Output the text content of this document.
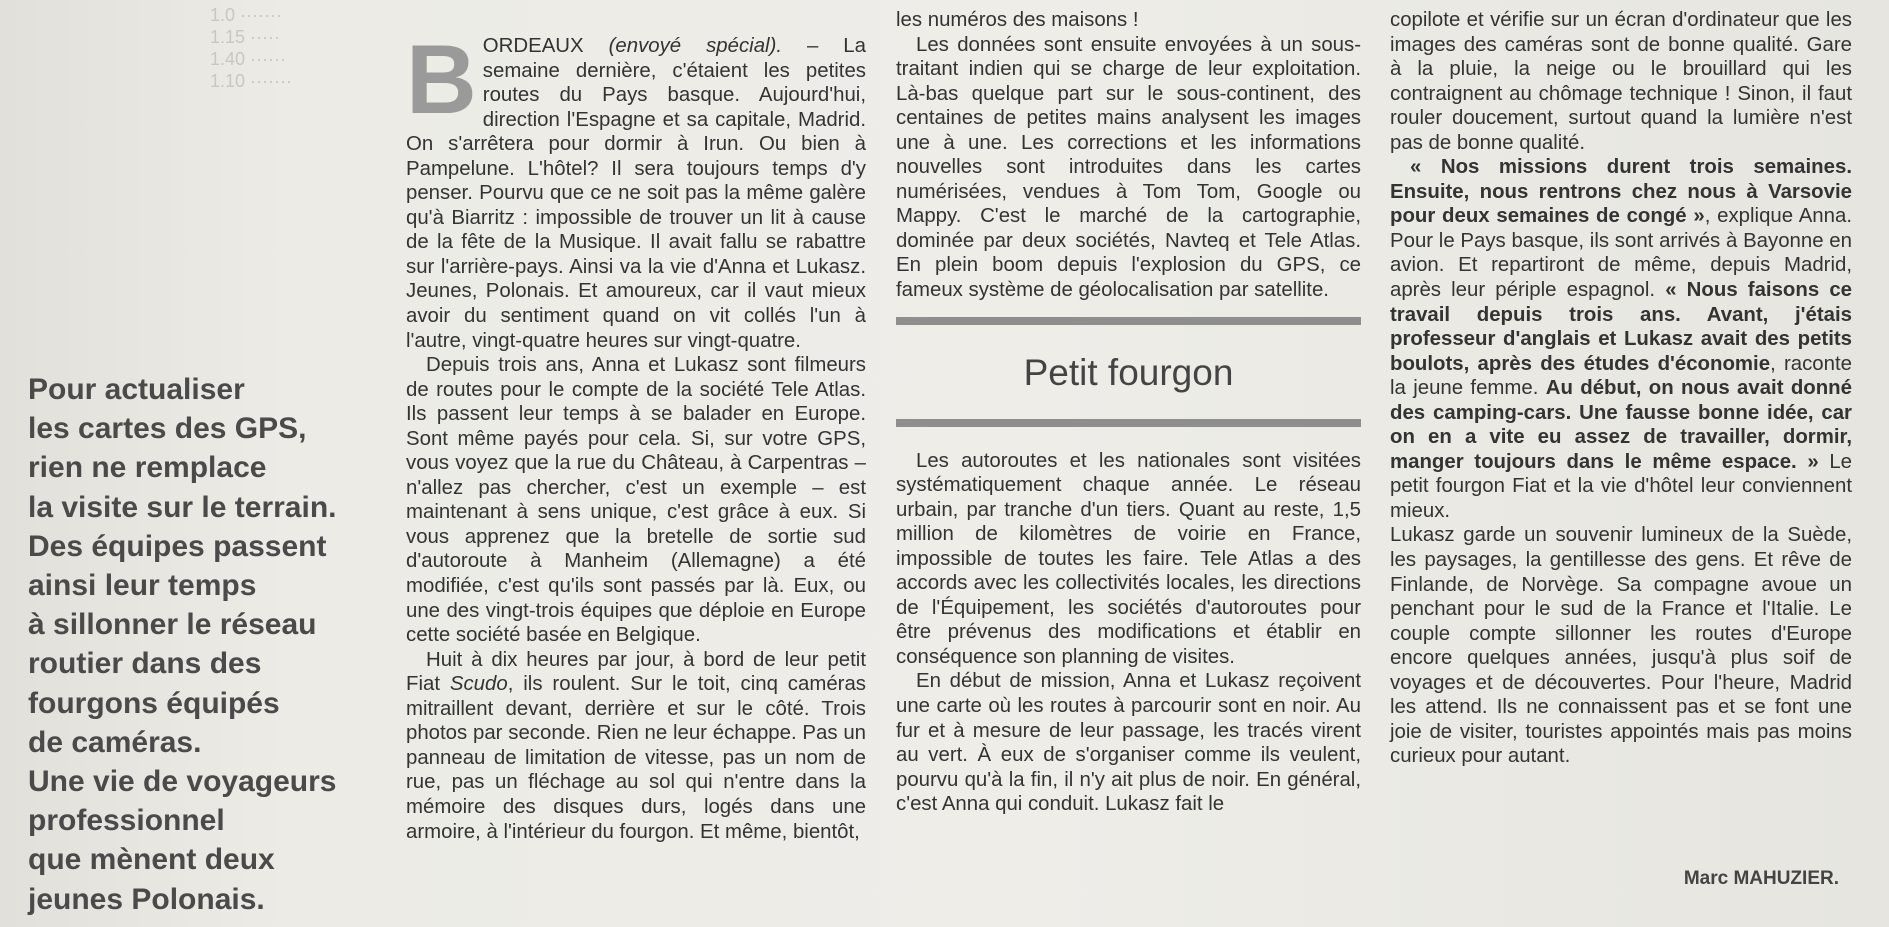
1.0 ·······
1.15 ·····
1.40 ······
1.10 ·······
Pour actualiser
les cartes des GPS,
rien ne remplace
la visite sur le terrain.
Des équipes passent
ainsi leur temps
à sillonner le réseau
routier dans des
fourgons équipés
de caméras.
Une vie de voyageurs
professionnel
que mènent deux
jeunes Polonais.

BORDEAUX (envoyé spécial). – La semaine dernière, c'étaient les petites routes du Pays basque. Aujourd'hui, direction l'Espagne et sa capitale, Madrid. On s'arrêtera pour dormir à Irun. Ou bien à Pampelune. L'hôtel? Il sera toujours temps d'y penser. Pourvu que ce ne soit pas la même galère qu'à Biarritz : impossible de trouver un lit à cause de la fête de la Musique. Il avait fallu se rabattre sur l'arrière-pays. Ainsi va la vie d'Anna et Lukasz. Jeunes, Polonais. Et amoureux, car il vaut mieux avoir du sentiment quand on vit collés l'un à l'autre, vingt-quatre heures sur vingt-quatre.

Depuis trois ans, Anna et Lukasz sont filmeurs de routes pour le compte de la société Tele Atlas. Ils passent leur temps à se balader en Europe. Sont même payés pour cela. Si, sur votre GPS, vous voyez que la rue du Château, à Carpentras – n'allez pas chercher, c'est un exemple – est maintenant à sens unique, c'est grâce à eux. Si vous apprenez que la bretelle de sortie sud d'autoroute à Manheim (Allemagne) a été modifiée, c'est qu'ils sont passés par là. Eux, ou une des vingt-trois équipes que déploie en Europe cette société basée en Belgique.

Huit à dix heures par jour, à bord de leur petit Fiat Scudo, ils roulent. Sur le toit, cinq caméras mitraillent devant, derrière et sur le côté. Trois photos par seconde. Rien ne leur échappe. Pas un panneau de limitation de vitesse, pas un nom de rue, pas un fléchage au sol qui n'entre dans la mémoire des disques durs, logés dans une armoire, à l'intérieur du fourgon. Et même, bientôt,

les numéros des maisons !

Les données sont ensuite envoyées à un sous-traitant indien qui se charge de leur exploitation. Là-bas quelque part sur le sous-continent, des centaines de petites mains analysent les images une à une. Les corrections et les informations nouvelles sont introduites dans les cartes numérisées, vendues à Tom Tom, Google ou Mappy. C'est le marché de la cartographie, dominée par deux sociétés, Navteq et Tele Atlas. En plein boom depuis l'explosion du GPS, ce fameux système de géolocalisation par satellite.

Petit fourgon

Les autoroutes et les nationales sont visitées systématiquement chaque année. Le réseau urbain, par tranche d'un tiers. Quant au reste, 1,5 million de kilomètres de voirie en France, impossible de toutes les faire. Tele Atlas a des accords avec les collectivités locales, les directions de l'Équipement, les sociétés d'autoroutes pour être prévenus des modifications et établir en conséquence son planning de visites.

En début de mission, Anna et Lukasz reçoivent une carte où les routes à parcourir sont en noir. Au fur et à mesure de leur passage, les tracés virent au vert. À eux de s'organiser comme ils veulent, pourvu qu'à la fin, il n'y ait plus de noir. En général, c'est Anna qui conduit. Lukasz fait le

copilote et vérifie sur un écran d'ordinateur que les images des caméras sont de bonne qualité. Gare à la pluie, la neige ou le brouillard qui les contraignent au chômage technique ! Sinon, il faut rouler doucement, surtout quand la lumière n'est pas de bonne qualité.

« Nos missions durent trois semaines. Ensuite, nous rentrons chez nous à Varsovie pour deux semaines de congé », explique Anna. Pour le Pays basque, ils sont arrivés à Bayonne en avion. Et repartiront de même, depuis Madrid, après leur périple espagnol. « Nous faisons ce travail depuis trois ans. Avant, j'étais professeur d'anglais et Lukasz avait des petits boulots, après des études d'économie, raconte la jeune femme. Au début, on nous avait donné des camping-cars. Une fausse bonne idée, car on en a vite eu assez de travailler, dormir, manger toujours dans le même espace. » Le petit fourgon Fiat et la vie d'hôtel leur conviennent mieux.

Lukasz garde un souvenir lumineux de la Suède, les paysages, la gentillesse des gens. Et rêve de Finlande, de Norvège. Sa compagne avoue un penchant pour le sud de la France et l'Italie. Le couple compte sillonner les routes d'Europe encore quelques années, jusqu'à plus soif de voyages et de découvertes. Pour l'heure, Madrid les attend. Ils ne connaissent pas et se font une joie de visiter, touristes appointés mais pas moins curieux pour autant.

Marc MAHUZIER.
